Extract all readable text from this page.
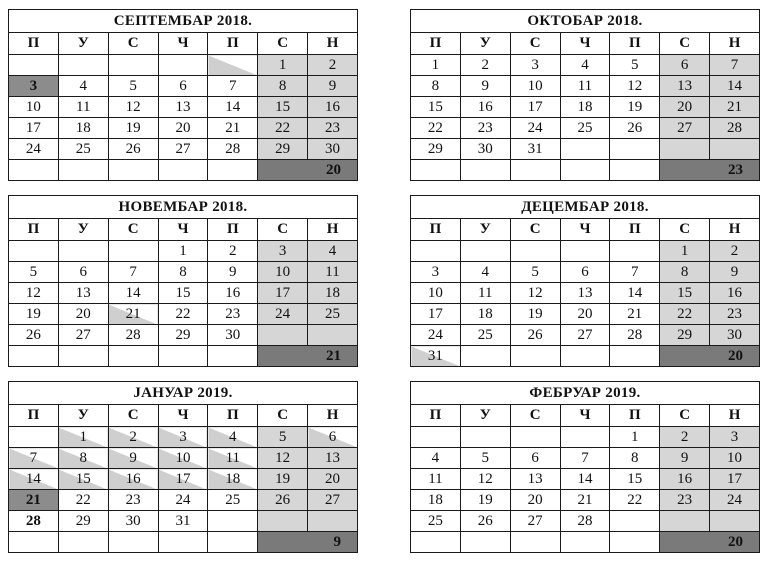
СЕПТЕМБАР 2018.						
П	У	С	Ч	П	С	Н
					1	2
3	4	5	6	7	8	9
10	11	12	13	14	15	16
17	18	19	20	21	22	23
24	25	26	27	28	29	30
					20	
ОКТОБАР 2018.						
П	У	С	Ч	П	С	Н
1	2	3	4	5	6	7
8	9	10	11	12	13	14
15	16	17	18	19	20	21
22	23	24	25	26	27	28
29	30	31				
					23	
НОВЕМБАР 2018.						
П	У	С	Ч	П	С	Н
			1	2	3	4
5	6	7	8	9	10	11
12	13	14	15	16	17	18
19	20	21	22	23	24	25
26	27	28	29	30		
					21	
ДЕЦЕМБАР 2018.						
П	У	С	Ч	П	С	Н
					1	2
3	4	5	6	7	8	9
10	11	12	13	14	15	16
17	18	19	20	21	22	23
24	25	26	27	28	29	30
31					20	
ЈАНУАР 2019.						
П	У	С	Ч	П	С	Н
	1	2	3	4	5	6
7	8	9	10	11	12	13
14	15	16	17	18	19	20
21	22	23	24	25	26	27
28	29	30	31			
					9	
ФЕБРУАР 2019.						
П	У	С	Ч	П	С	Н
				1	2	3
4	5	6	7	8	9	10
11	12	13	14	15	16	17
18	19	20	21	22	23	24
25	26	27	28			
					20	
